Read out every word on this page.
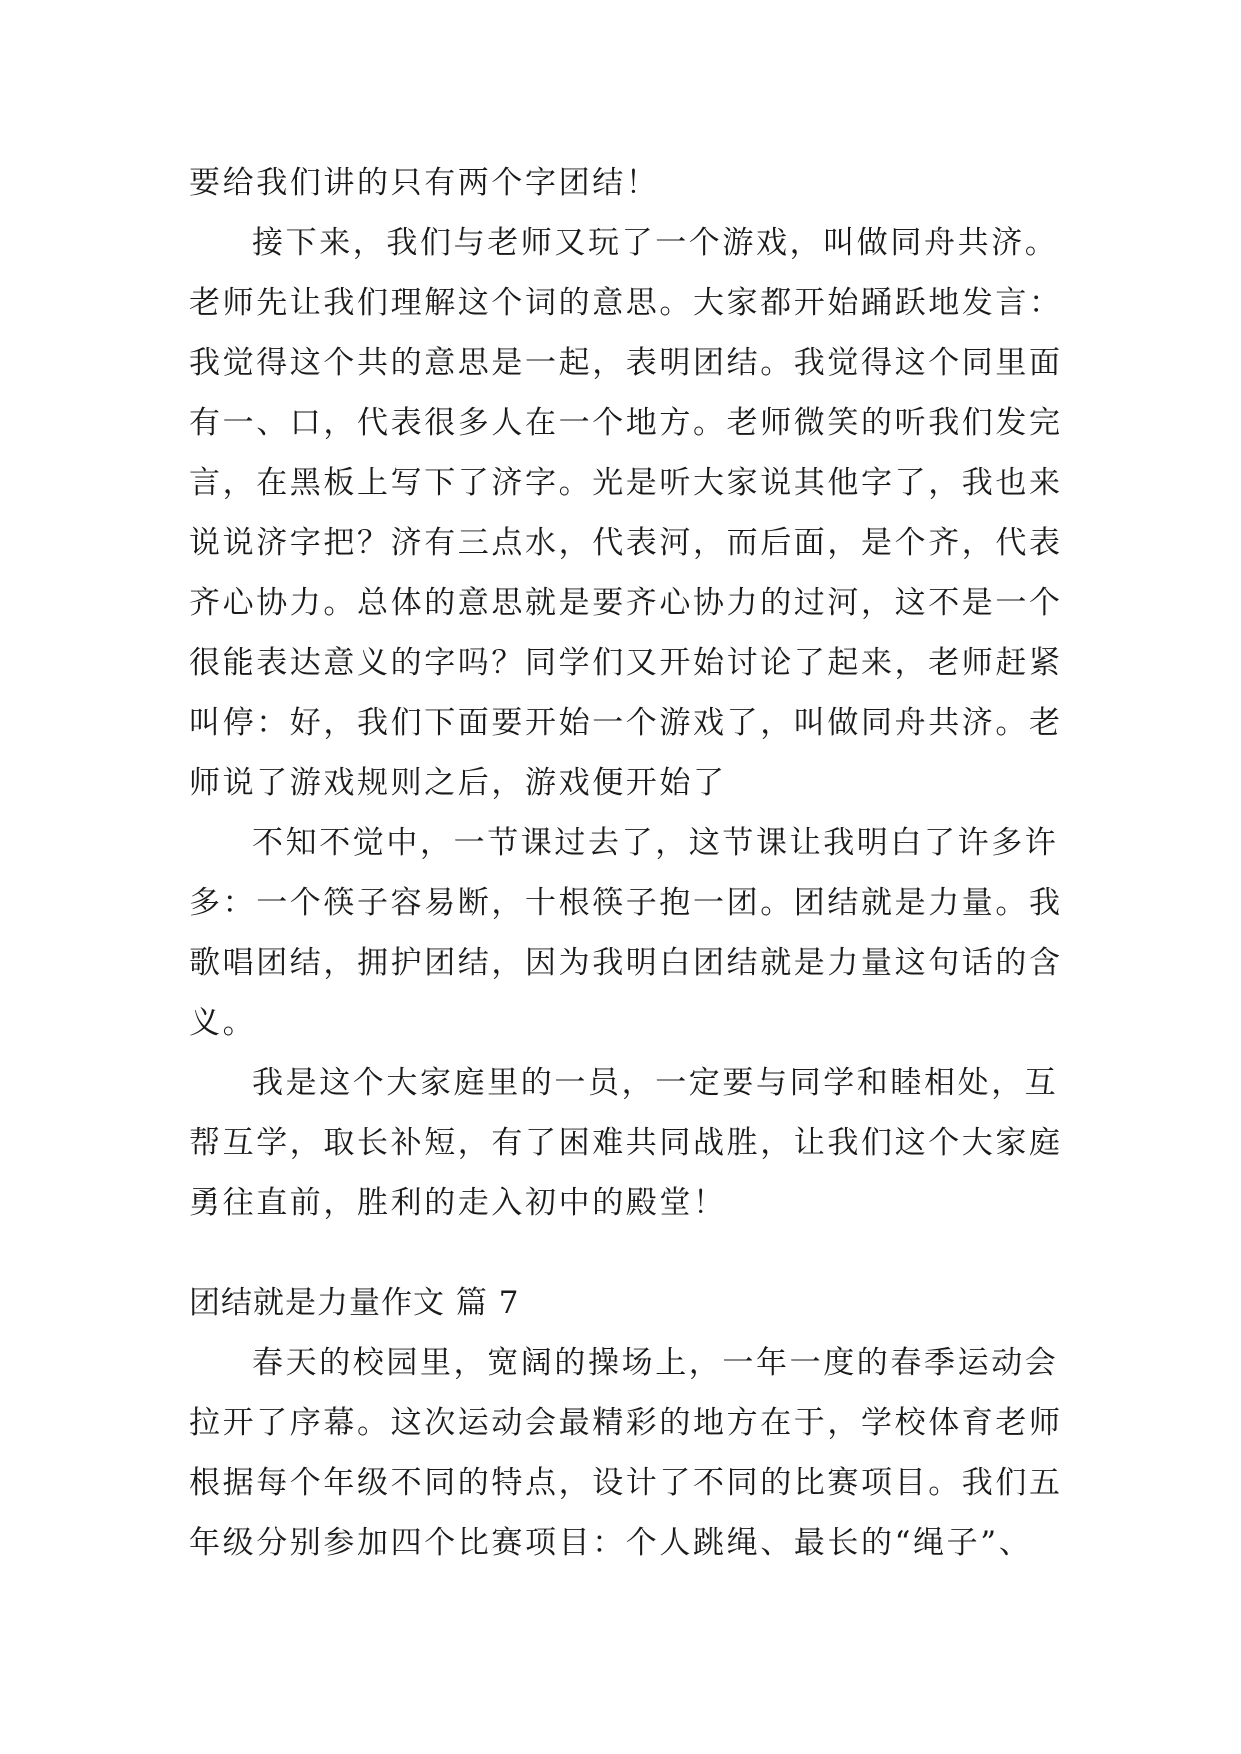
要给我们讲的只有两个字团结！
接下来，我们与老师又玩了一个游戏，叫做同舟共济。
老师先让我们理解这个词的意思。大家都开始踊跃地发言：
我觉得这个共的意思是一起，表明团结。我觉得这个同里面
有一、口，代表很多人在一个地方。老师微笑的听我们发完
言，在黑板上写下了济字。光是听大家说其他字了，我也来
说说济字把？济有三点水，代表河，而后面，是个齐，代表
齐心协力。总体的意思就是要齐心协力的过河，这不是一个
很能表达意义的字吗？同学们又开始讨论了起来，老师赶紧
叫停：好，我们下面要开始一个游戏了，叫做同舟共济。老
师说了游戏规则之后，游戏便开始了
不知不觉中，一节课过去了，这节课让我明白了许多许
多：一个筷子容易断，十根筷子抱一团。团结就是力量。我
歌唱团结，拥护团结，因为我明白团结就是力量这句话的含
义。
我是这个大家庭里的一员，一定要与同学和睦相处，互
帮互学，取长补短，有了困难共同战胜，让我们这个大家庭
勇往直前，胜利的走入初中的殿堂！
团结就是力量作文 篇 7
春天的校园里，宽阔的操场上，一年一度的春季运动会
拉开了序幕。这次运动会最精彩的地方在于，学校体育老师
根据每个年级不同的特点，设计了不同的比赛项目。我们五
年级分别参加四个比赛项目：个人跳绳、最长的“绳子”、
